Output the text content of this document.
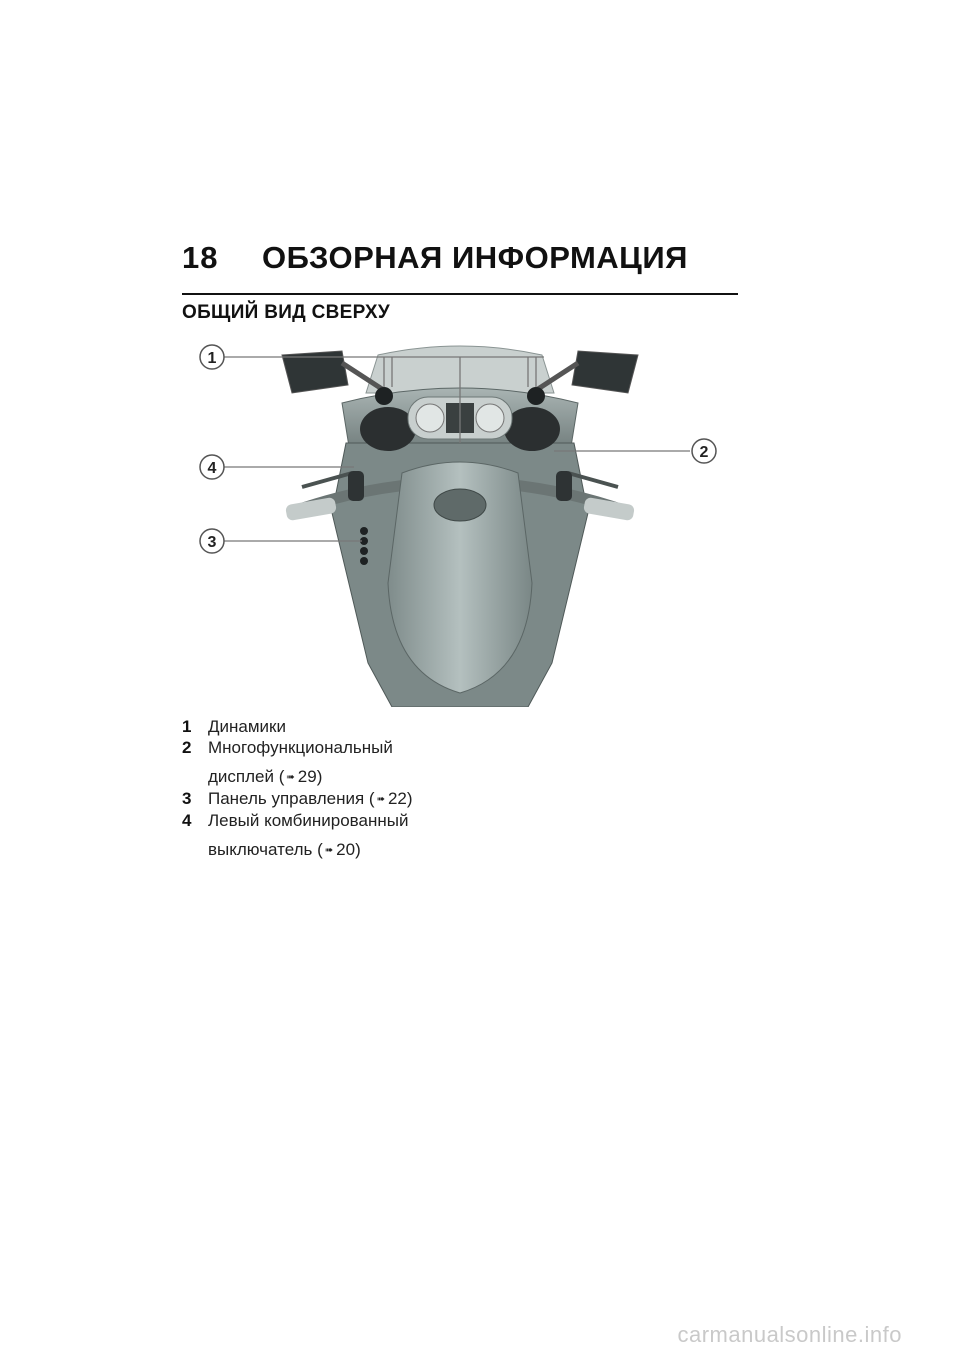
18 ОБЗОРНАЯ ИНФОРМАЦИЯ
ОБЩИЙ ВИД СВЕРХУ
1
2
3
4
1 Динамики
2 Многофункциональный
дисплей ( ➠ 29)
3 Панель управления ( ➠ 22)
4 Левый комбинированный
выключатель ( ➠ 20)
carmanualsonline.info
